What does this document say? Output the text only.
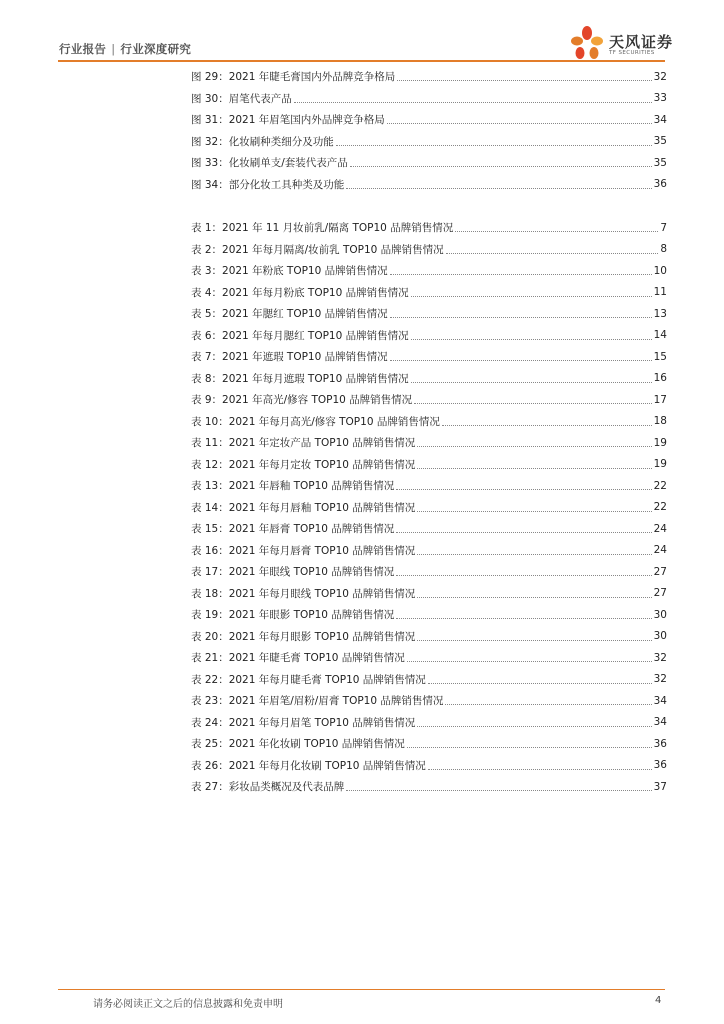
行业报告 | 行业深度研究	天风证券
TF SECURITIES
图 29：2021 年睫毛膏国内外品牌竞争格局	32
图 30：眉笔代表产品	33
图 31：2021 年眉笔国内外品牌竞争格局	34
图 32：化妆刷种类细分及功能	35
图 33：化妆刷单支/套装代表产品	35
图 34：部分化妆工具种类及功能	36
表 1：2021 年 11 月妆前乳/隔离 TOP10 品牌销售情况	7
表 2：2021 年每月隔离/妆前乳 TOP10 品牌销售情况	8
表 3：2021 年粉底 TOP10 品牌销售情况	10
表 4：2021 年每月粉底 TOP10 品牌销售情况	11
表 5：2021 年腮红 TOP10 品牌销售情况	13
表 6：2021 年每月腮红 TOP10 品牌销售情况	14
表 7：2021 年遮瑕 TOP10 品牌销售情况	15
表 8：2021 年每月遮瑕 TOP10 品牌销售情况	16
表 9：2021 年高光/修容 TOP10 品牌销售情况	17
表 10：2021 年每月高光/修容 TOP10 品牌销售情况	18
表 11：2021 年定妆产品 TOP10 品牌销售情况	19
表 12：2021 年每月定妆 TOP10 品牌销售情况	19
表 13：2021 年唇釉 TOP10 品牌销售情况	22
表 14：2021 年每月唇釉 TOP10 品牌销售情况	22
表 15：2021 年唇膏 TOP10 品牌销售情况	24
表 16：2021 年每月唇膏 TOP10 品牌销售情况	24
表 17：2021 年眼线 TOP10 品牌销售情况	27
表 18：2021 年每月眼线 TOP10 品牌销售情况	27
表 19：2021 年眼影 TOP10 品牌销售情况	30
表 20：2021 年每月眼影 TOP10 品牌销售情况	30
表 21：2021 年睫毛膏 TOP10 品牌销售情况	32
表 22：2021 年每月睫毛膏 TOP10 品牌销售情况	32
表 23：2021 年眉笔/眉粉/眉膏 TOP10 品牌销售情况	34
表 24：2021 年每月眉笔 TOP10 品牌销售情况	34
表 25：2021 年化妆刷 TOP10 品牌销售情况	36
表 26：2021 年每月化妆刷 TOP10 品牌销售情况	36
表 27：彩妆品类概况及代表品牌	37
请务必阅读正文之后的信息披露和免责申明	4
